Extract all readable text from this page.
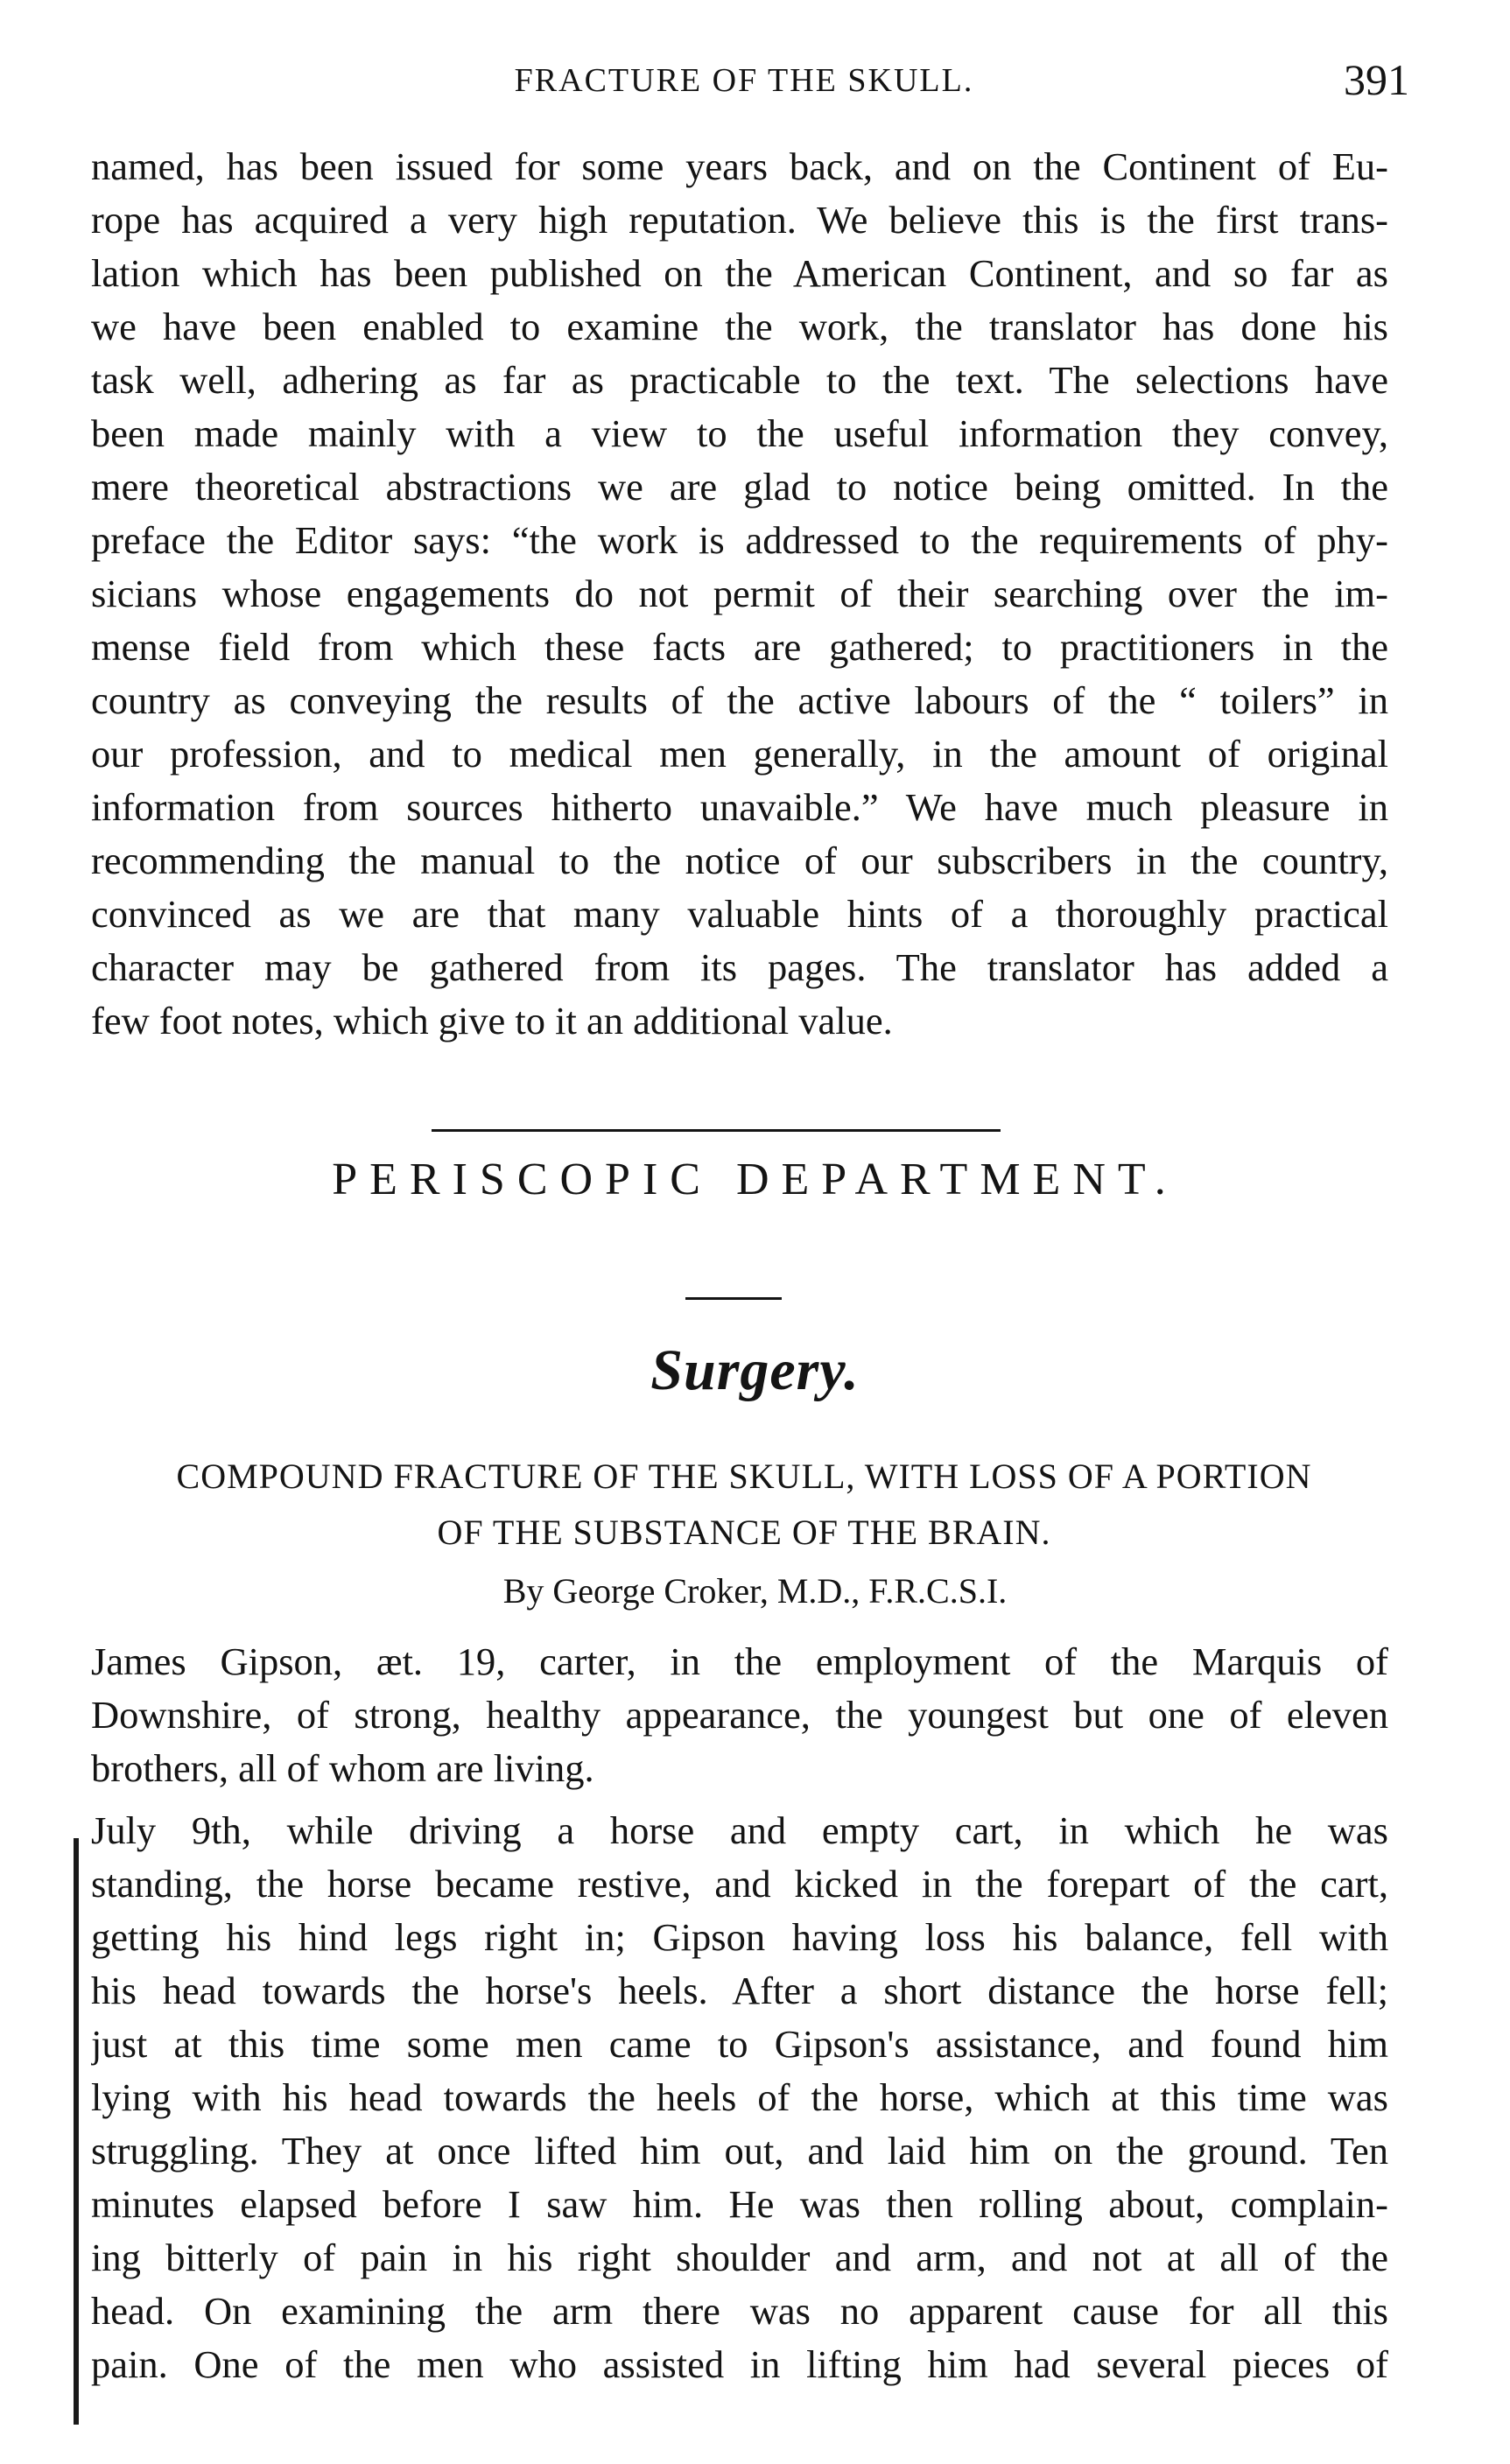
FRACTURE OF THE SKULL.	391
named, has been issued for some years back, and on the Continent of Eu-
rope has acquired a very high reputation. We believe this is the first trans-
lation which has been published on the American Continent, and so far as
we have been enabled to examine the work, the translator has done his
task well, adhering as far as practicable to the text. The selections have
been made mainly with a view to the useful information they convey,
mere theoretical abstractions we are glad to notice being omitted. In the
preface the Editor says: “the work is addressed to the requirements of phy-
sicians whose engagements do not permit of their searching over the im-
mense field from which these facts are gathered; to practitioners in the
country as conveying the results of the active labours of the “ toilers” in
our profession, and to medical men generally, in the amount of original
information from sources hitherto unavaible.” We have much pleasure in
recommending the manual to the notice of our subscribers in the country,
convinced as we are that many valuable hints of a thoroughly practical
character may be gathered from its pages. The translator has added a
few foot notes, which give to it an additional value.
PERISCOPIC DEPARTMENT.
Surgery.
COMPOUND FRACTURE OF THE SKULL, WITH LOSS OF A PORTION
OF THE SUBSTANCE OF THE BRAIN.
By George Croker, M.D., F.R.C.S.I.
James Gipson, æt. 19, carter, in the employment of the Marquis of
Downshire, of strong, healthy appearance, the youngest but one of eleven
brothers, all of whom are living.
July 9th, while driving a horse and empty cart, in which he was
standing, the horse became restive, and kicked in the forepart of the cart,
getting his hind legs right in; Gipson having loss his balance, fell with
his head towards the horse's heels. After a short distance the horse fell;
just at this time some men came to Gipson's assistance, and found him
lying with his head towards the heels of the horse, which at this time was
struggling. They at once lifted him out, and laid him on the ground. Ten
minutes elapsed before I saw him. He was then rolling about, complain-
ing bitterly of pain in his right shoulder and arm, and not at all of the
head. On examining the arm there was no apparent cause for all this
pain. One of the men who assisted in lifting him had several pieces of
